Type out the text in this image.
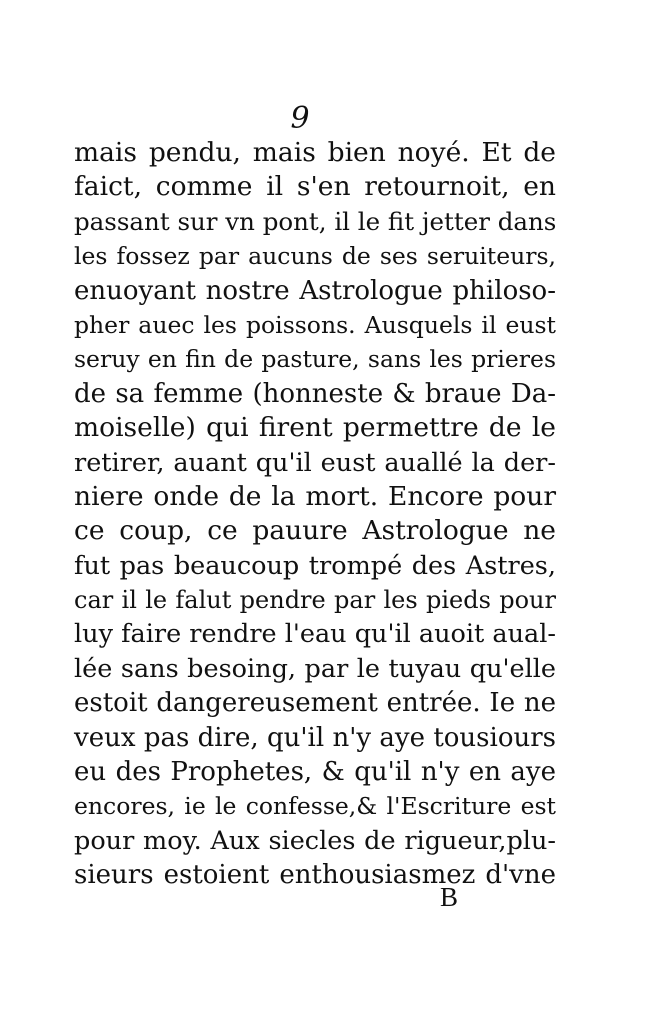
9
mais pendu, mais bien noyé. Et de
faict, comme il s'en retournoit, en
passant sur vn pont, il le fit jetter dans
les fossez par aucuns de ses seruiteurs,
enuoyant nostre Astrologue philoso-
pher auec les poissons. Ausquels il eust
seruy en fin de pasture, sans les prieres
de sa femme (honneste & braue Da-
moiselle) qui firent permettre de le
retirer, auant qu'il eust auallé la der-
niere onde de la mort. Encore pour
ce coup, ce pauure Astrologue ne
fut pas beaucoup trompé des Astres,
car il le falut pendre par les pieds pour
luy faire rendre l'eau qu'il auoit aual-
lée sans besoing, par le tuyau qu'elle
estoit dangereusement entrée. Ie ne
veux pas dire, qu'il n'y aye tousiours
eu des Prophetes, & qu'il n'y en aye
encores, ie le confesse,& l'Escriture est
pour moy. Aux siecles de rigueur,plu-
sieurs estoient enthousiasmez d'vne
B
